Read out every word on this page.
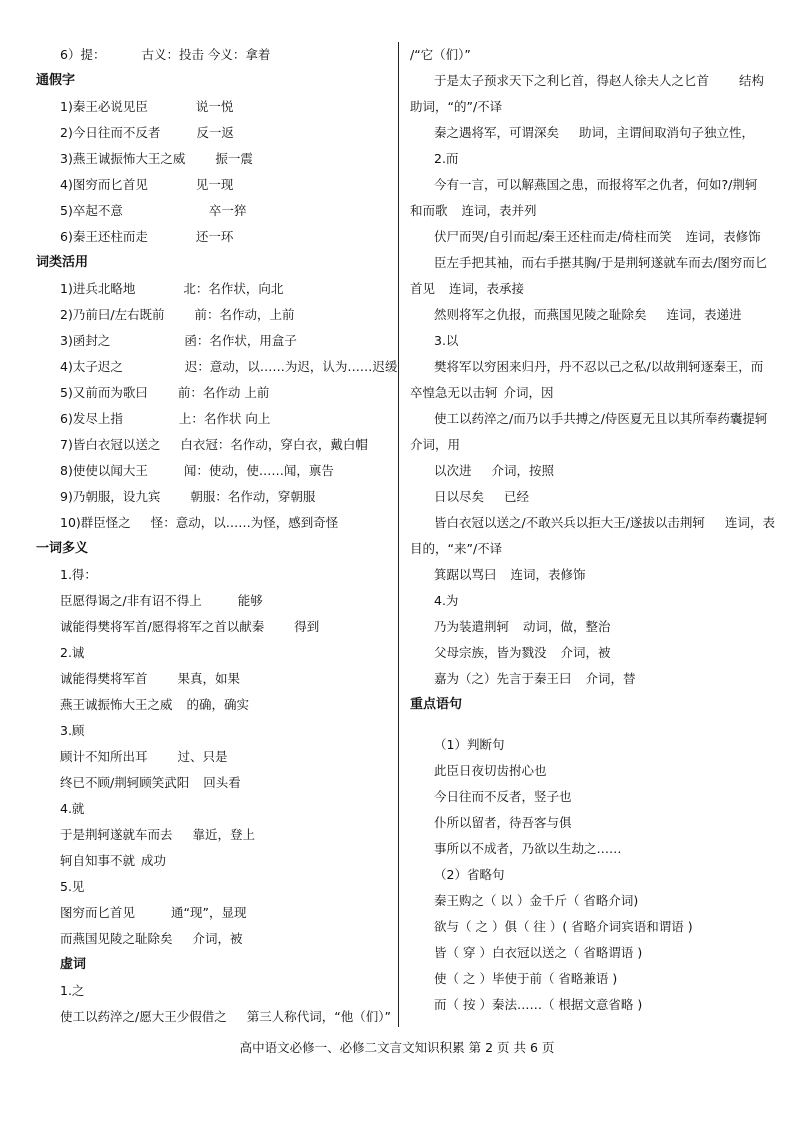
6）提：	古义：投击 今义：拿着
通假字
1)秦王必说见臣	说一悦
2)今日往而不反者	反一返
3)燕王诚振怖大王之威 振一震
4)图穷而匕首见	见一现
5)卒起不意	卒一猝
6)秦王还柱而走	还一环
词类活用
1)进兵北略地	北：名作状，向北
2)乃前曰/左右既前 前：名作动，上前
3)函封之	函：名作状，用盒子
4)太子迟之	迟：意动，以……为迟，认为……迟缓
5)又前而为歌曰 前：名作动 上前
6)发尽上指	上：名作状 向上
7)皆白衣冠以送之 白衣冠：名作动，穿白衣，戴白帽
8)使使以闻大王	闻：使动，使……闻，禀告
9)乃朝服，设九宾 朝服：名作动，穿朝服
10)群臣怪之 怪：意动，以……为怪，感到奇怪
一词多义
1.得：
臣愿得谒之/非有诏不得上	能够
诚能得樊将军首/愿得将军之首以献秦 得到
2.诚
诚能得樊将军首 果真，如果
燕王诚振怖大王之威 的确，确实
3.顾
顾计不知所出耳 过、只是
终已不顾/荆轲顾笑武阳 回头看
4.就
于是荆轲遂就车而去 靠近，登上
轲自知事不就 成功
5.见
图穷而匕首见	通“现”，显现
而燕国见陵之耻除矣 介词，被
虚词
1.之
使工以药淬之/愿大王少假借之 第三人称代词，“他（们）”
/“它（们）”
于是太子预求天下之利匕首，得赵人徐夫人之匕首 结构
助词，“的”/不译
秦之遇将军，可谓深矣 助词，主谓间取消句子独立性，
2.而
今有一言，可以解燕国之患，而报将军之仇者，何如?/荆轲
和而歌 连词，表并列
伏尸而哭/自引而起/秦王还柱而走/倚柱而笑 连词，表修饰
臣左手把其袖，而右手揕其胸/于是荆轲遂就车而去/图穷而匕
首见 连词，表承接
然则将军之仇报，而燕国见陵之耻除矣 连词，表递进
3.以
樊将军以穷困来归丹，丹不忍以己之私/以故荆轲逐秦王，而
卒惶急无以击轲 介词，因
使工以药淬之/而乃以手共搏之/侍医夏无且以其所奉药囊提轲
介词，用
以次进 介词，按照
日以尽矣 已经
皆白衣冠以送之/不敢兴兵以拒大王/遂拔以击荆轲 连词，表
目的，“来”/不译
箕踞以骂曰 连词，表修饰
4.为
乃为装遣荆轲 动词，做，整治
父母宗族，皆为戮没 介词，被
嘉为（之）先言于秦王曰 介词，替
重点语句
（1）判断句
此臣日夜切齿拊心也
今日往而不反者，竖子也
仆所以留者，待吾客与俱
事所以不成者，乃欲以生劫之……
（2）省略句
秦王购之（ 以 ）金千斤（ 省略介词)
欲与（ 之 ）俱（ 往 ）( 省略介词宾语和谓语 )
皆（ 穿 ）白衣冠以送之（ 省略谓语 )
使（ 之 ）毕使于前（ 省略兼语 )
而（ 按 ）秦法……（ 根据文意省略 )
高中语文必修一、必修二文言文知识积累 第 2 页 共 6 页
